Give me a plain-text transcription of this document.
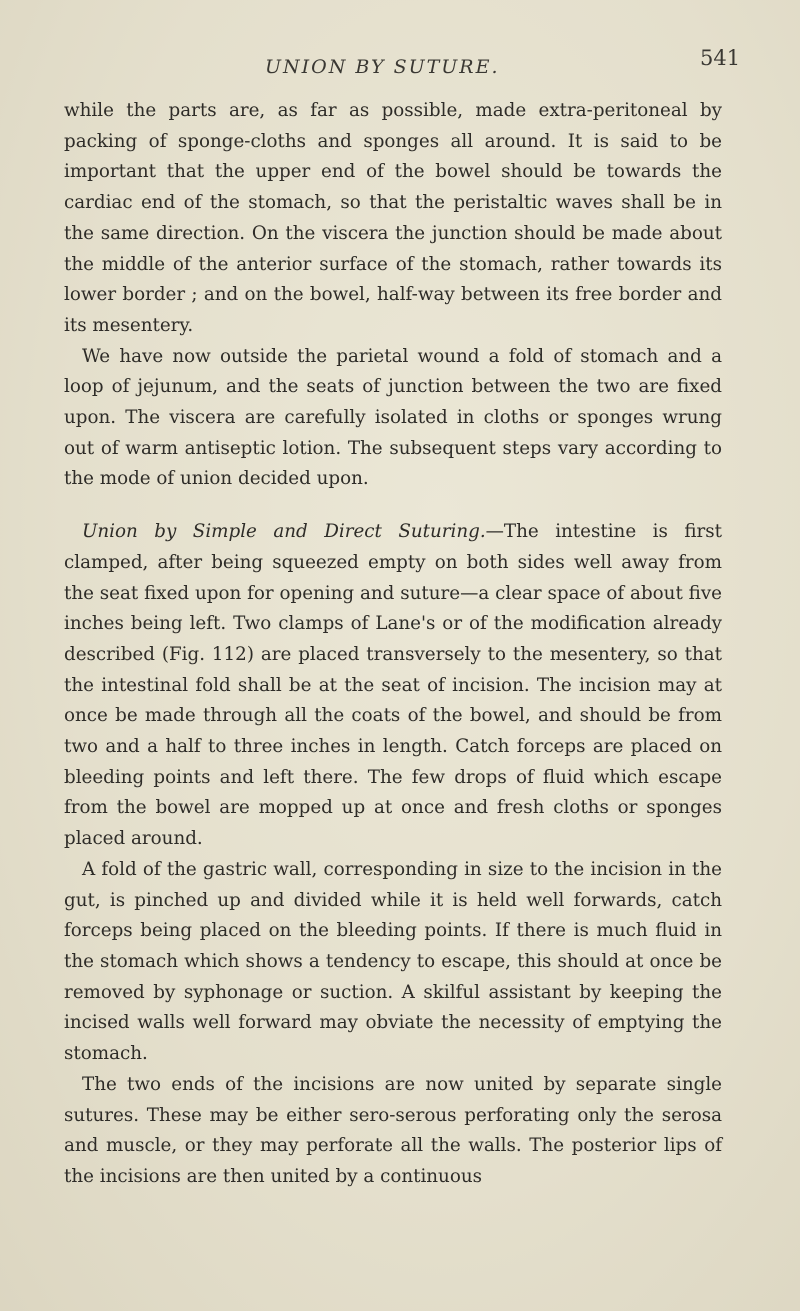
UNION BY SUTURE.	541

while the parts are, as far as possible, made extra-peritoneal by packing of sponge-cloths and sponges all around. It is said to be important that the upper end of the bowel should be towards the cardiac end of the stomach, so that the peristaltic waves shall be in the same direction. On the viscera the junction should be made about the middle of the anterior surface of the stomach, rather towards its lower border ; and on the bowel, half-way between its free border and its mesentery.

We have now outside the parietal wound a fold of stomach and a loop of jejunum, and the seats of junction between the two are fixed upon. The viscera are carefully isolated in cloths or sponges wrung out of warm antiseptic lotion. The subsequent steps vary according to the mode of union decided upon.

Union by Simple and Direct Suturing.—The intestine is first clamped, after being squeezed empty on both sides well away from the seat fixed upon for opening and suture—a clear space of about five inches being left. Two clamps of Lane's or of the modification already described (Fig. 112) are placed transversely to the mesentery, so that the intestinal fold shall be at the seat of incision. The incision may at once be made through all the coats of the bowel, and should be from two and a half to three inches in length. Catch forceps are placed on bleeding points and left there. The few drops of fluid which escape from the bowel are mopped up at once and fresh cloths or sponges placed around.

A fold of the gastric wall, corresponding in size to the incision in the gut, is pinched up and divided while it is held well forwards, catch forceps being placed on the bleeding points. If there is much fluid in the stomach which shows a tendency to escape, this should at once be removed by syphonage or suction. A skilful assistant by keeping the incised walls well forward may obviate the necessity of emptying the stomach.

The two ends of the incisions are now united by separate single sutures. These may be either sero-serous perforating only the serosa and muscle, or they may perforate all the walls. The posterior lips of the incisions are then united by a continuous
